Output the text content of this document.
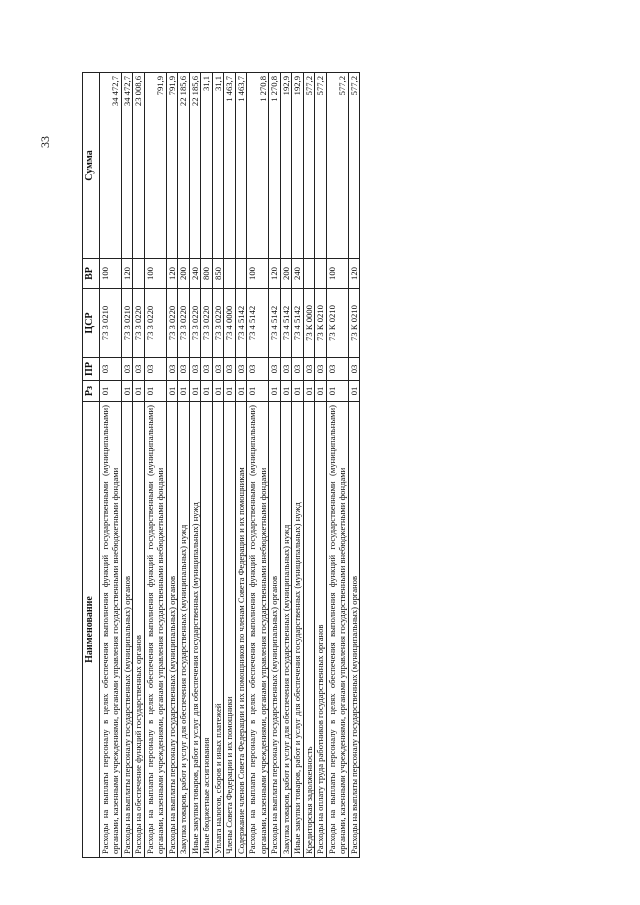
33
Наименование	Рз	ПР	ЦСР	ВР	Сумма
Расходы на выплаты персоналу в целях обеспечения выполнения функций государственными (муниципальными) органами, казенными учреждениями, органами управления государственными внебюджетными фондами	01	03	73 3 0210	100	34 472,7
Расходы на выплаты персоналу государственных (муниципальных) органов	01	03	73 3 0210	120	34 472,7
Расходы на обеспечение функций государственных органов	01	03	73 3 0220		23 008,6
Расходы на выплаты персоналу в целях обеспечения выполнения функций государственными (муниципальными) органами, казенными учреждениями, органами управления государственными внебюджетными фондами	01	03	73 3 0220	100	791,9
Расходы на выплаты персоналу государственных (муниципальных) органов	01	03	73 3 0220	120	791,9
Закупка товаров, работ и услуг для обеспечения государственных (муниципальных) нужд	01	03	73 3 0220	200	22 185,6
Иные закупки товаров, работ и услуг для обеспечения государственных (муниципальных) нужд	01	03	73 3 0220	240	22 185,6
Иные бюджетные ассигнования	01	03	73 3 0220	800	31,1
Уплата налогов, сборов и иных платежей	01	03	73 3 0220	850	31,1
Члены Совета Федерации и их помощники	01	03	73 4 0000		1 463,7
Содержание членов Совета Федерации и их помощников по членам Совета Федерации и их помощникам	01	03	73 4 5142		1 463,7
Расходы на выплаты персоналу в целях обеспечения выполнения функций государственными (муниципальными) органами, казенными учреждениями, органами управления государственными внебюджетными фондами	01	03	73 4 5142	100	1 270,8
Расходы на выплаты персоналу государственных (муниципальных) органов	01	03	73 4 5142	120	1 270,8
Закупка товаров, работ и услуг для обеспечения государственных (муниципальных) нужд	01	03	73 4 5142	200	192,9
Иные закупки товаров, работ и услуг для обеспечения государственных (муниципальных) нужд	01	03	73 4 5142	240	192,9
Кредиторская задолженность	01	03	73 К 0000		577,2
Расходы на оплату труда работников государственных органов	01	03	73 К 0210		577,2
Расходы на выплаты персоналу в целях обеспечения выполнения функций государственными (муниципальными) органами, казенными учреждениями, органами управления государственными внебюджетными фондами	01	03	73 К 0210	100	577,2
Расходы на выплаты персоналу государственных (муниципальных) органов	01	03	73 К 0210	120	577,2
